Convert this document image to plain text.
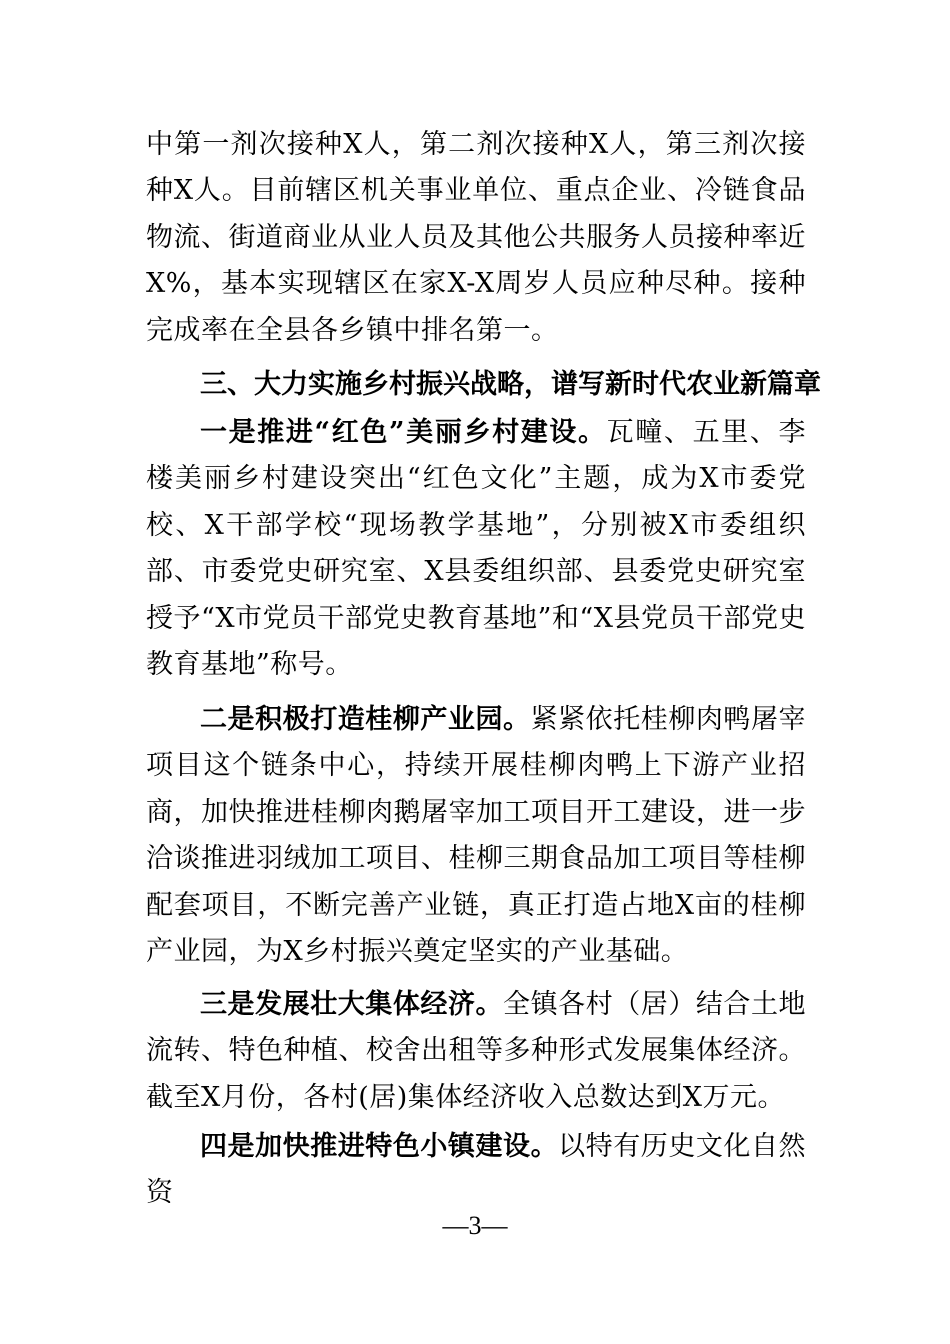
中第一剂次接种X人，第二剂次接种X人，第三剂次接种X人。目前辖区机关事业单位、重点企业、冷链食品物流、街道商业从业人员及其他公共服务人员接种率近X%，基本实现辖区在家X-X周岁人员应种尽种。接种完成率在全县各乡镇中排名第一。

三、大力实施乡村振兴战略，谱写新时代农业新篇章

一是推进“红色”美丽乡村建设。瓦疃、五里、李楼美丽乡村建设突出“红色文化”主题，成为X市委党校、X干部学校“现场教学基地”，分别被X市委组织部、市委党史研究室、X县委组织部、县委党史研究室授予“X市党员干部党史教育基地”和“X县党员干部党史教育基地”称号。

二是积极打造桂柳产业园。紧紧依托桂柳肉鸭屠宰项目这个链条中心，持续开展桂柳肉鸭上下游产业招商，加快推进桂柳肉鹅屠宰加工项目开工建设，进一步洽谈推进羽绒加工项目、桂柳三期食品加工项目等桂柳配套项目，不断完善产业链，真正打造占地X亩的桂柳产业园，为X乡村振兴奠定坚实的产业基础。

三是发展壮大集体经济。全镇各村（居）结合土地流转、特色种植、校舍出租等多种形式发展集体经济。截至X月份，各村(居)集体经济收入总数达到X万元。

四是加快推进特色小镇建设。以特有历史文化自然资

—3—
